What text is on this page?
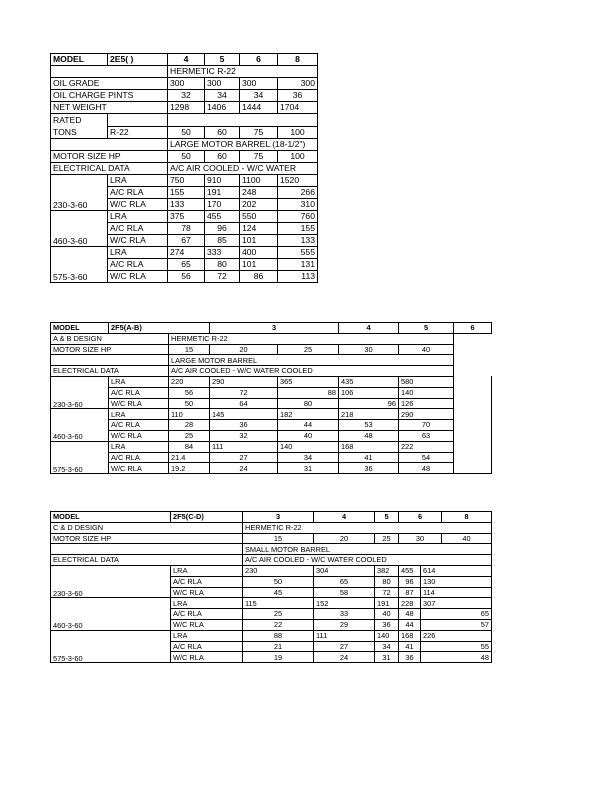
MODEL	2E5( )	4	5	6	8
		HERMETIC R-22			
OIL GRADE		300	300	300	300
OIL CHARGE PINTS		32	34	34	36
NET WEIGHT		1298	1406	1444	1704
RATED
TONS					
	R-22	50	60	75	100
		LARGE MOTOR BARREL (18-1/2")			
MOTOR SIZE HP		50	60	75	100
ELECTRICAL DATA		A/C AIR COOLED - W/C WATER			
230-3-60	LRA	750	910	1100	1520
	A/C RLA	155	191	248	266
	W/C RLA	133	170	202	310
460-3-60	LRA	375	455	550	760
	A/C RLA	78	96	124	155
	W/C RLA	67	85	101	133
575-3-60	LRA	274	333	400	555
	A/C RLA	65	80	101	131
	W/C RLA	56	72	86	113
MODEL	2F5(A-B)		3		4	5	6		
A & B DESIGN		HERMETIC R-22						
MOTOR SIZE HP		15	20	25	30	40		
		LARGE MOTOR BARREL						
ELECTRICAL DATA		A/C AIR COOLED - W/C WATER COOLED						
230-3-60	LRA	220	290	365	435	580		
	A/C RLA	56	72	88	106	140		
	W/C RLA	50	64	80	96	126		
460-3-60	LRA	110	145	182	218	290		
	A/C RLA	28	36	44	53	70		
	W/C RLA	25	32	40	48	63		
575-3-60	LRA	84	111	140	168	222		
	A/C RLA	21.4	27	34	41	54		
	W/C RLA	19.2	24	31	36	48		
MODEL	2F5(C-D)	3	4	5	6		8
C & D DESIGN		HERMETIC R-22					
MOTOR SIZE HP		15	20	25	30		40
		SMALL MOTOR BARREL					
ELECTRICAL DATA		A/C AIR COOLED - W/C WATER COOLED					
230-3-60	LRA	230	304	382	455	614	
	A/C RLA	50	65	80	96	130	
	W/C RLA	45	58	72	87	114	
460-3-60	LRA	115	152	191	228	307	
	A/C RLA	25	33	40	48	65	
	W/C RLA	22	29	36	44	57	
575-3-60	LRA	88	111	140	168	226	
	A/C RLA	21	27	34	41	55	
	W/C RLA	19	24	31	36	48	
